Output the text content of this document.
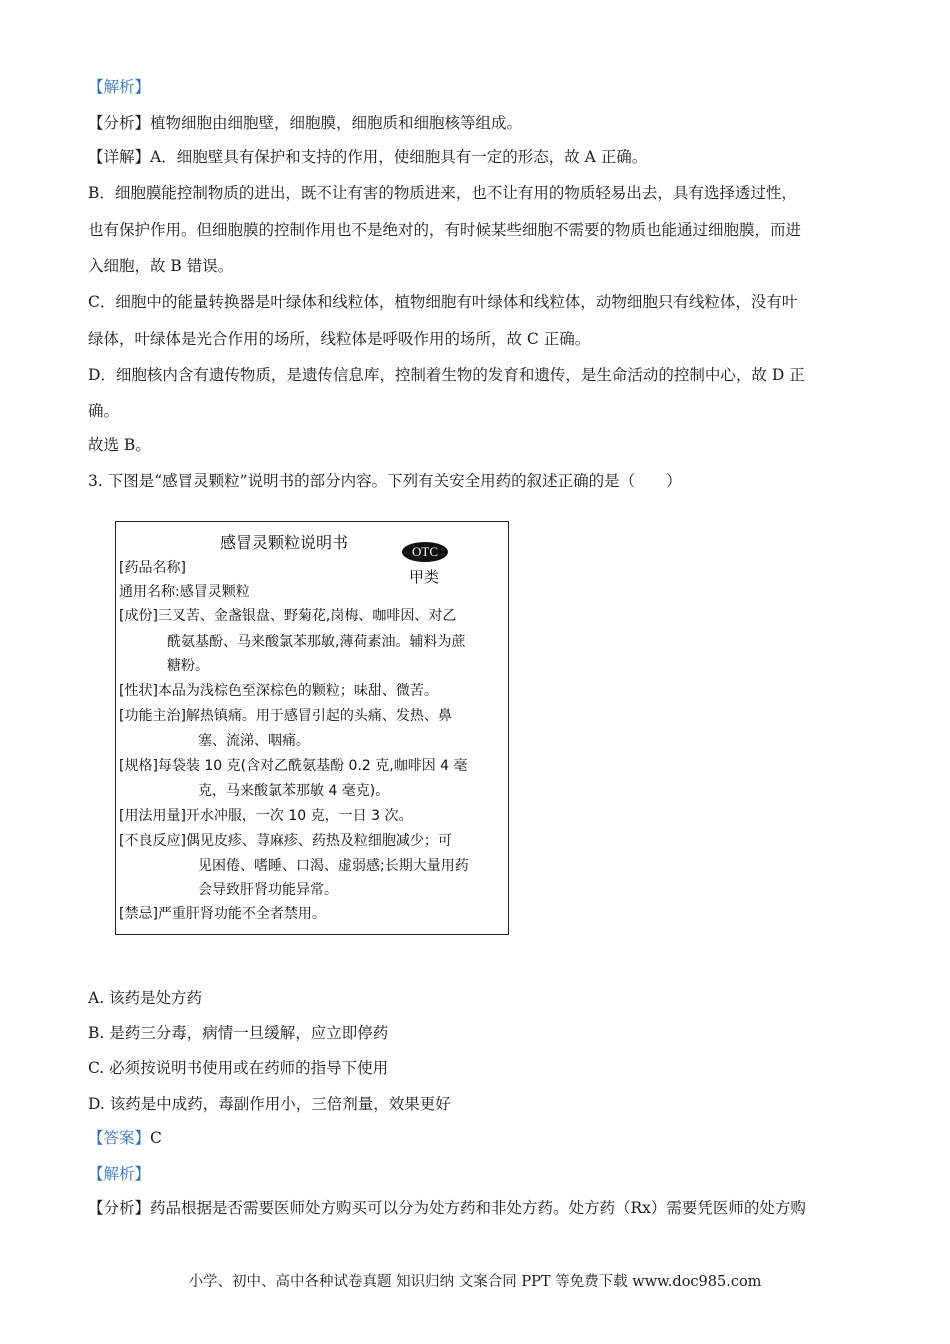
【解析】
【分析】植物细胞由细胞壁，细胞膜，细胞质和细胞核等组成。
【详解】A．细胞壁具有保护和支持的作用，使细胞具有一定的形态，故 A 正确。
B．细胞膜能控制物质的进出，既不让有害的物质进来，也不让有用的物质轻易出去，具有选择透过性，
也有保护作用。但细胞膜的控制作用也不是绝对的，有时候某些细胞不需要的物质也能通过细胞膜，而进
入细胞，故 B 错误。
C．细胞中的能量转换器是叶绿体和线粒体，植物细胞有叶绿体和线粒体，动物细胞只有线粒体，没有叶
绿体，叶绿体是光合作用的场所，线粒体是呼吸作用的场所，故 C 正确。
D．细胞核内含有遗传物质，是遗传信息库，控制着生物的发育和遗传，是生命活动的控制中心，故 D 正
确。
故选 B。
3. 下图是“感冒灵颗粒”说明书的部分内容。下列有关安全用药的叙述正确的是（　　）
感冒灵颗粒说明书	OTC
甲类
[药品名称]
通用名称:感冒灵颗粒
[成份]三叉苦、金盏银盘、野菊花,岗梅、咖啡因、对乙
酰氨基酚、马来酸氯苯那敏,薄荷素油。辅料为蔗
糖粉。
[性状]本品为浅棕色至深棕色的颗粒；味甜、微苦。
[功能主治]解热镇痛。用于感冒引起的头痛、发热、鼻
塞、流涕、咽痛。
[规格]每袋装 10 克(含对乙酰氨基酚 0.2 克,咖啡因 4 毫
克，马来酸氯苯那敏 4 毫克)。
[用法用量]开水冲服，一次 10 克，一日 3 次。
[不良反应]偶见皮疹、荨麻疹、药热及粒细胞减少；可
见困倦、嗜睡、口渴、虚弱感;长期大量用药
会导致肝肾功能异常。
[禁忌]严重肝肾功能不全者禁用。
A. 该药是处方药
B. 是药三分毒，病情一旦缓解，应立即停药
C. 必须按说明书使用或在药师的指导下使用
D. 该药是中成药，毒副作用小，三倍剂量，效果更好
【答案】C
【解析】
【分析】药品根据是否需要医师处方购买可以分为处方药和非处方药。处方药（Rx）需要凭医师的处方购
小学、初中、高中各种试卷真题 知识归纳 文案合同 PPT 等免费下载 www.doc985.com
